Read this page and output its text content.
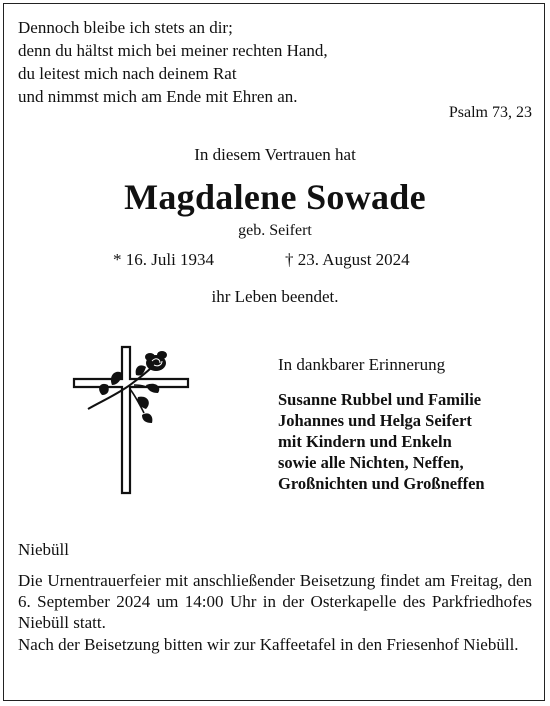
Dennoch bleibe ich stets an dir;
denn du hältst mich bei meiner rechten Hand,
du leitest mich nach deinem Rat
und nimmst mich am Ende mit Ehren an.
Psalm 73, 23
In diesem Vertrauen hat
Magdalene Sowade
geb. Seifert
* 16. Juli 1934	† 23. August 2024
ihr Leben beendet.
In dankbarer Erinnerung
Susanne Rubbel und Familie
Johannes und Helga Seifert
mit Kindern und Enkeln
sowie alle Nichten, Neffen,
Großnichten und Großneffen
Niebüll
Die Urnentrauerfeier mit anschließender Beisetzung findet am Freitag, den 6. September 2024 um 14:00 Uhr in der Osterkapelle des Parkfriedhofes Niebüll statt.
Nach der Beisetzung bitten wir zur Kaffeetafel in den Friesenhof Niebüll.
